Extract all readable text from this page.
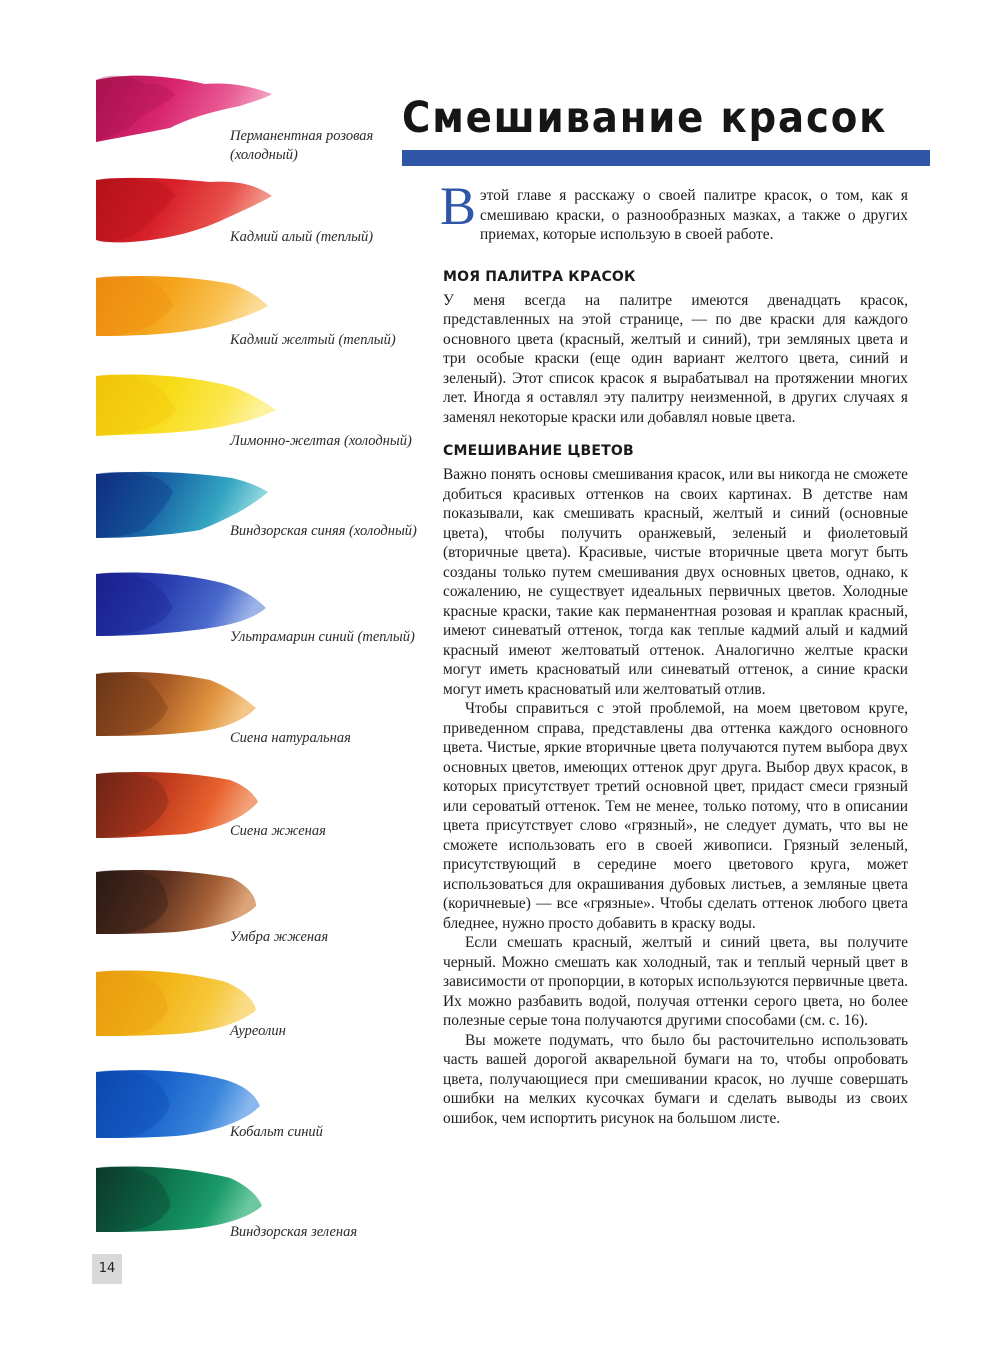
Смешивание красок
Перманентная розовая (холодный)
Кадмий алый (теплый)
Кадмий желтый (теплый)
Лимонно-желтая (холодный)
Виндзорская синяя (холодный)
Ультрамарин синий (теплый)
Сиена натуральная
Сиена жженая
Умбра жженая
Ауреолин
Кобальт синий
Виндзорская зеленая

Вэтой главе я расскажу о своей палитре красок, о том, как я смешиваю краски, о разнообразных мазках, а также о других приемах, которые использую в своей работе.

МОЯ ПАЛИТРА КРАСОК

У меня всегда на палитре имеются двенадцать красок, представленных на этой странице, — по две краски для каждого основного цвета (красный, желтый и синий), три земляных цвета и три особые краски (еще один вариант желтого цвета, синий и зеленый). Этот список красок я вырабатывал на протяжении многих лет. Иногда я оставлял эту палитру неизменной, в других случаях я заменял некоторые краски или добавлял новые цвета.

СМЕШИВАНИЕ ЦВЕТОВ

Важно понять основы смешивания красок, или вы никогда не сможете добиться красивых оттенков на своих картинах. В детстве нам показывали, как смешивать красный, желтый и синий (основные цвета), чтобы получить оранжевый, зеленый и фиолетовый (вторичные цвета). Красивые, чистые вторичные цвета могут быть созданы только путем смешивания двух основных цветов, однако, к сожалению, не существует идеальных первичных цветов. Холодные красные краски, такие как перманентная розовая и краплак красный, имеют синеватый оттенок, тогда как теплые кадмий алый и кадмий красный имеют желтоватый оттенок. Аналогично желтые краски могут иметь красноватый или синеватый оттенок, а синие краски могут иметь красноватый или желтоватый отлив.

Чтобы справиться с этой проблемой, на моем цветовом круге, приведенном справа, представлены два оттенка каждого основного цвета. Чистые, яркие вторичные цвета получаются путем выбора двух основных цветов, имеющих оттенок друг друга. Выбор двух красок, в которых присутствует третий основной цвет, придаст смеси грязный или сероватый оттенок. Тем не менее, только потому, что в описании цвета присутствует слово «грязный», не следует думать, что вы не сможете использовать его в своей живописи. Грязный зеленый, присутствующий в середине моего цветового круга, может использоваться для окрашивания дубовых листьев, а земляные цвета (коричневые) — все «грязные». Чтобы сделать оттенок любого цвета бледнее, нужно просто добавить в краску воды.

Если смешать красный, желтый и синий цвета, вы получите черный. Можно смешать как холодный, так и теплый черный цвет в зависимости от пропорции, в которых используются первичные цвета. Их можно разбавить водой, получая оттенки серого цвета, но более полезные серые тона получаются другими способами (см. с. 16).

Вы можете подумать, что было бы расточительно использовать часть вашей дорогой акварельной бумаги на то, чтобы опробовать цвета, получающиеся при смешивании красок, но лучше совершать ошибки на мелких кусочках бумаги и сделать выводы из своих ошибок, чем испортить рисунок на большом листе.

14
